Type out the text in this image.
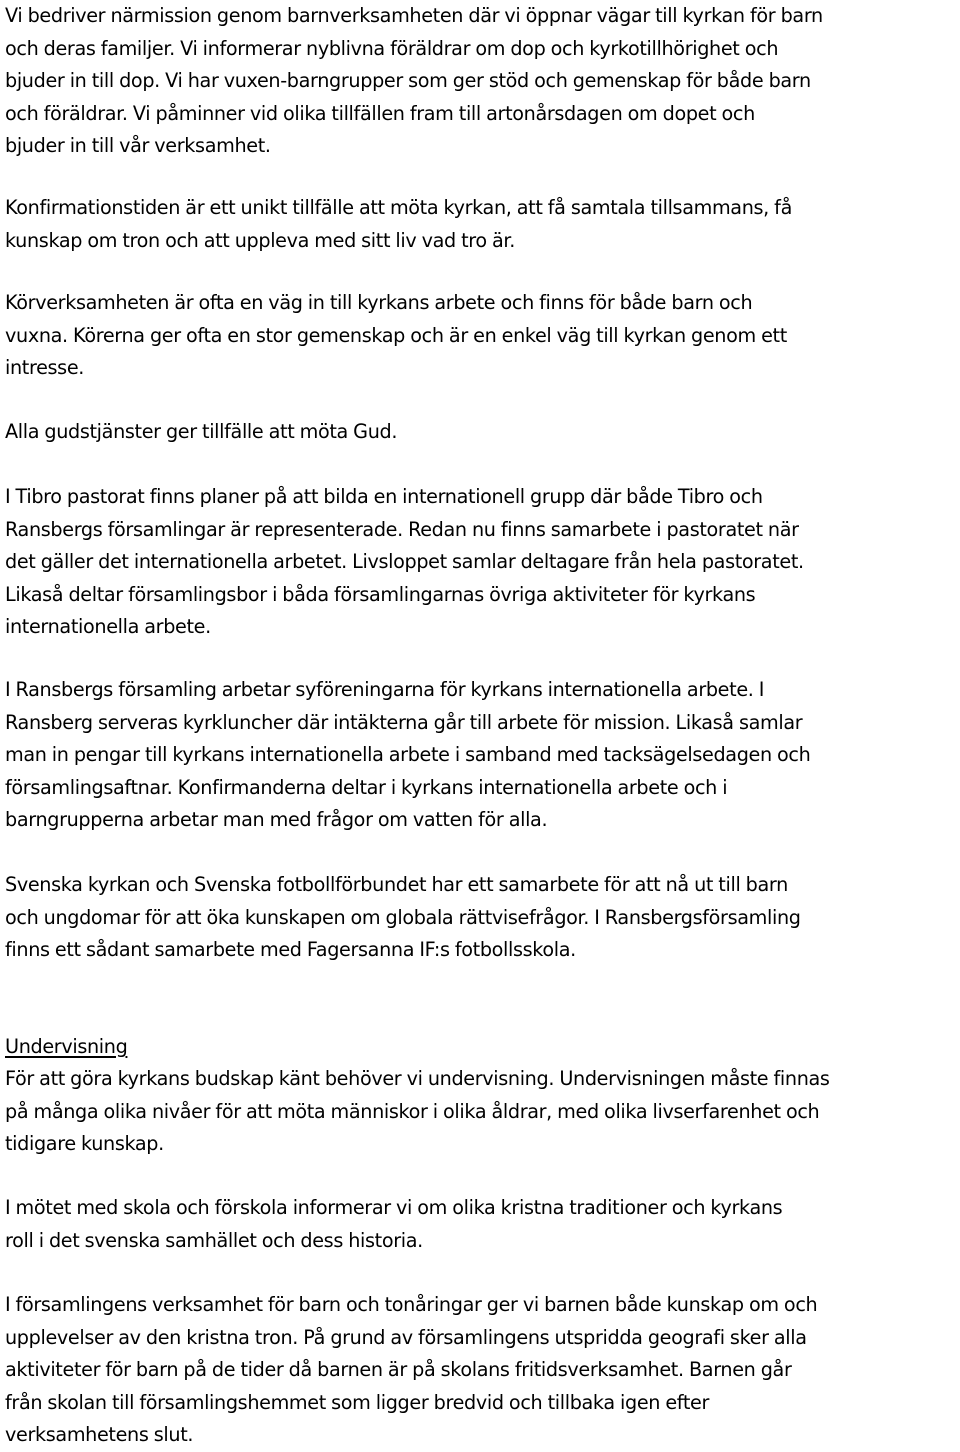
Vi bedriver närmission genom barnverksamheten där vi öppnar vägar till kyrkan för barn
och deras familjer. Vi informerar nyblivna föräldrar om dop och kyrkotillhörighet och
bjuder in till dop. Vi har vuxen-barngrupper som ger stöd och gemenskap för både barn
och föräldrar. Vi påminner vid olika tillfällen fram till artonårsdagen om dopet och
bjuder in till vår verksamhet.

Konfirmationstiden är ett unikt tillfälle att möta kyrkan, att få samtala tillsammans, få
kunskap om tron och att uppleva med sitt liv vad tro är.

Körverksamheten är ofta en väg in till kyrkans arbete och finns för både barn och
vuxna. Körerna ger ofta en stor gemenskap och är en enkel väg till kyrkan genom ett
intresse.

Alla gudstjänster ger tillfälle att möta Gud.

I Tibro pastorat finns planer på att bilda en internationell grupp där både Tibro och
Ransbergs församlingar är representerade. Redan nu finns samarbete i pastoratet när
det gäller det internationella arbetet. Livsloppet samlar deltagare från hela pastoratet.
Likaså deltar församlingsbor i båda församlingarnas övriga aktiviteter för kyrkans
internationella arbete.

I Ransbergs församling arbetar syföreningarna för kyrkans internationella arbete. I
Ransberg serveras kyrkluncher där intäkterna går till arbete för mission. Likaså samlar
man in pengar till kyrkans internationella arbete i samband med tacksägelsedagen och
församlingsaftnar. Konfirmanderna deltar i kyrkans internationella arbete och i
barngrupperna arbetar man med frågor om vatten för alla.

Svenska kyrkan och Svenska fotbollförbundet har ett samarbete för att nå ut till barn
och ungdomar för att öka kunskapen om globala rättvisefrågor. I Ransbergsförsamling
finns ett sådant samarbete med Fagersanna IF:s fotbollsskola.

Undervisning

För att göra kyrkans budskap känt behöver vi undervisning. Undervisningen måste finnas
på många olika nivåer för att möta människor i olika åldrar, med olika livserfarenhet och
tidigare kunskap.

I mötet med skola och förskola informerar vi om olika kristna traditioner och kyrkans
roll i det svenska samhället och dess historia.

I församlingens verksamhet för barn och tonåringar ger vi barnen både kunskap om och
upplevelser av den kristna tron. På grund av församlingens utspridda geografi sker alla
aktiviteter för barn på de tider då barnen är på skolans fritidsverksamhet. Barnen går
från skolan till församlingshemmet som ligger bredvid och tillbaka igen efter
verksamhetens slut.
